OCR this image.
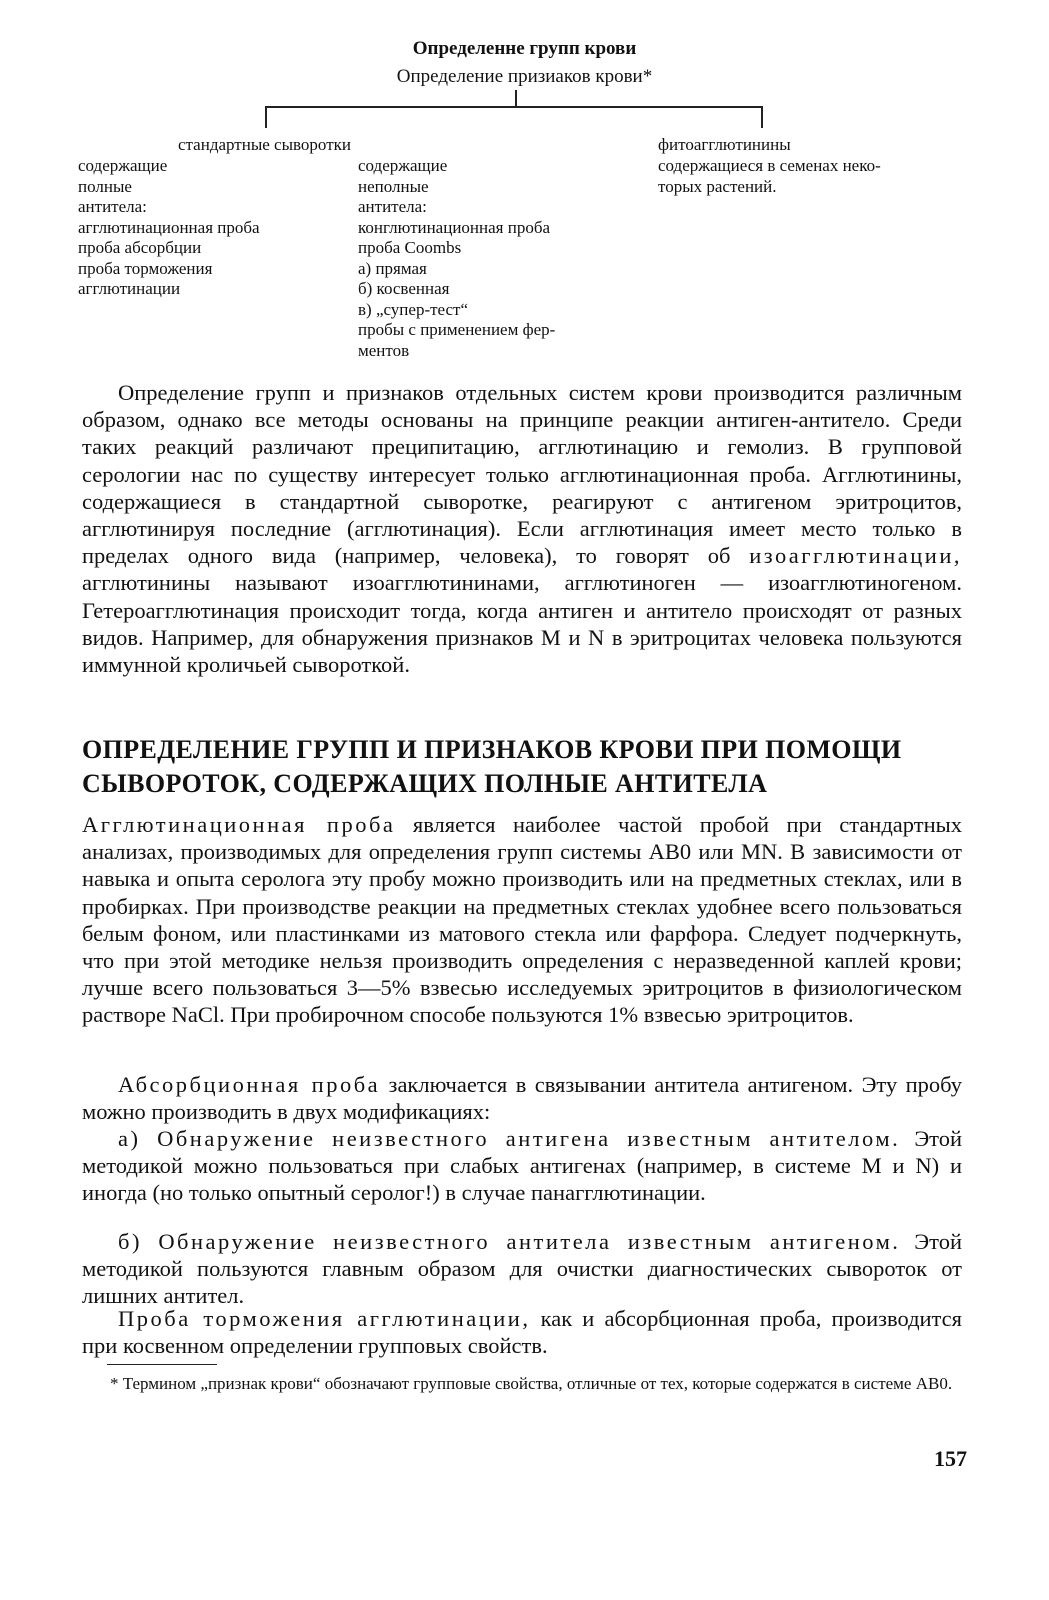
Определенне групп крови
Определение призиаков крови*
стандартные сыворотки
содержащие
полные
антитела:
агглютинационная проба
проба абсорбции
проба торможения
агглютинации
содержащие
неполные
антитела:
конглютинационная проба
проба Coombs
а) прямая
б) косвенная
в) „супер-тест“
пробы с применением фер-
ментов
фитоагглютинины
содержащиеся в семенах неко-
торых растений.
Определение групп и признаков отдельных систем крови производится различным образом, однако все методы основаны на принципе реакции антиген-антитело. Среди таких реакций различают преципитацию, агглютинацию и гемолиз. В групповой серологии нас по существу интересует только агглютинационная проба. Агглютинины, содержащиеся в стандартной сыворотке, реагируют с антигеном эритроцитов, агглютинируя последние (агглютинация). Если агглютинация имеет место только в пределах одного вида (например, человека), то говорят об изоагглютинации, агглютинины называют изоагглютининами, агглютиноген — изоагглютиногеном. Гетероагглютинация происходит тогда, когда антиген и антитело происходят от разных видов. Например, для обнаружения признаков M и N в эритроцитах человека пользуются иммунной кроличьей сывороткой.
ОПРЕДЕЛЕНИЕ ГРУПП И ПРИЗНАКОВ КРОВИ ПРИ ПОМОЩИ СЫВОРОТОК, СОДЕРЖАЩИХ ПОЛНЫЕ АНТИТЕЛА
Агглютинационная проба является наиболее частой пробой при стандартных анализах, производимых для определения групп системы AB0 или MN. В зависимости от навыка и опыта серолога эту пробу можно производить или на предметных стеклах, или в пробирках. При производстве реакции на предметных стеклах удобнее всего пользоваться белым фоном, или пластинками из матового стекла или фарфора. Следует подчеркнуть, что при этой методике нельзя производить определения с неразведенной каплей крови; лучше всего пользоваться 3—5% взвесью исследуемых эритроцитов в физиологическом растворе NaCl. При пробирочном способе пользуются 1% взвесью эритроцитов.
Абсорбционная проба заключается в связывании антитела антигеном. Эту пробу можно производить в двух модификациях:
а) Обнаружение неизвестного антигена известным антителом. Этой методикой можно пользоваться при слабых антигенах (например, в системе M и N) и иногда (но только опытный серолог!) в случае панагглютинации.
б) Обнаружение неизвестного антитела известным антигеном. Этой методикой пользуются главным образом для очистки диагностических сывороток от лишних антител.
Проба торможения агглютинации, как и абсорбционная проба, производится при косвенном определении групповых свойств.
* Термином „признак крови“ обозначают групповые свойства, отличные от тех, которые содержатся в системе AB0.
157
